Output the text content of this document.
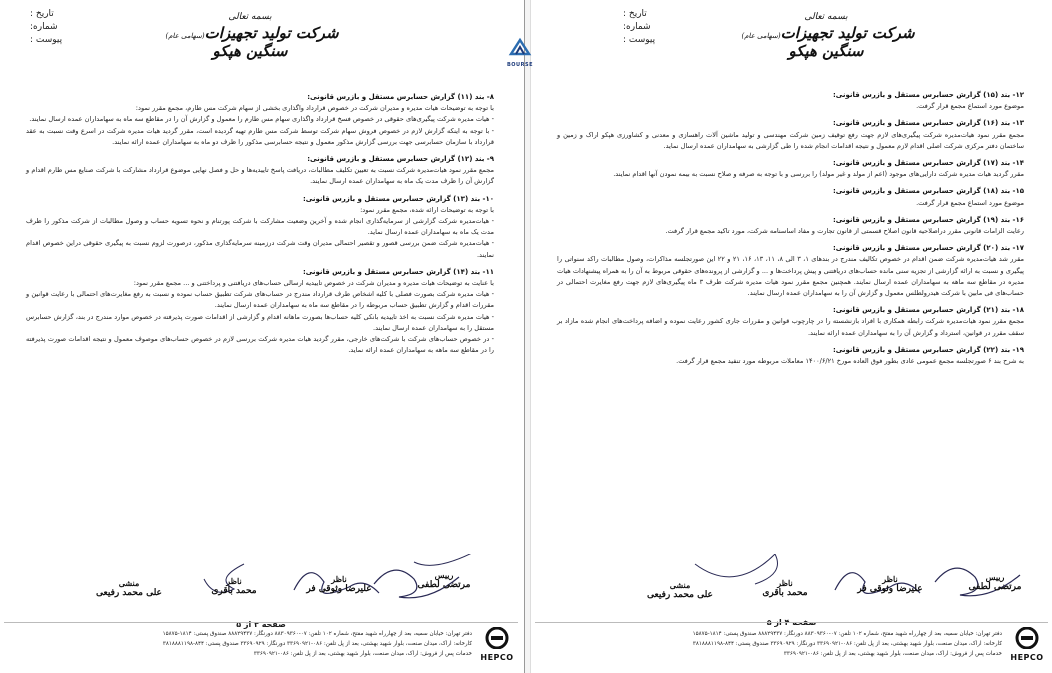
تاریخ :
شماره:
پیوست :
بسمه تعالی
(سهامی عام)شرکت تولید تجهیزات سنگین هپکو
۸- بند (۱۱) گزارش حسابرس مستقل و بازرس قانونی:

با توجه به توضیحات هیات مدیره و مدیران شرکت در خصوص قرارداد واگذاری بخشی از سهام شرکت مس طارم، مجمع مقرر نمود:

- هیات مدیره شرکت پیگیری‌های حقوقی در خصوص فسخ قرارداد واگذاری سهام مس طارم را معمول و گزارش آن را در مقاطع سه ماه به سهامداران عمده ارسال نمایند.

- با توجه به اینکه گزارش لازم در خصوص فروش سهام شرکت توسط شرکت مس طارم تهیه گردیده است، مقرر گردید هیات مدیره شرکت در اسرع وقت نسبت به عقد قرارداد با سازمان حسابرسی جهت بررسی گزارش مذکور معمول و نتیجه حسابرسی مذکور را ظرف دو ماه به سهامداران عمده ارائه نمایند.

۹- بند (۱۲) گزارش حسابرس مستقل و بازرس قانونی:

مجمع مقرر نمود هیات‌مدیره شرکت نسبت به تعیین تکلیف مطالبات، دریافت پاسخ تاییدیه‌ها و حل و فصل نهایی موضوع قرارداد مشارکت با شرکت صنایع مس طارم اقدام و گزارش آن را ظرف مدت یک ماه به سهامداران عمده ارسال نمایند.

۱۰- بند (۱۳) گزارش حسابرس مستقل و بازرس قانونی:

با توجه به توضیحات ارائه شده، مجمع مقرر نمود:

- هیات‌مدیره شرکت گزارشی از سرمایه‌گذاری انجام شده و آخرین وضعیت مشارکت با شرکت پورتنام و نحوه تسویه حساب و وصول مطالبات از شرکت مذکور را ظرف مدت یک ماه به سهامداران عمده ارسال نماید.

- هیات‌مدیره شرکت ضمن بررسی قصور و تقصیر احتمالی مدیران وقت شرکت درزمینه سرمایه‌گذاری مذکور، درصورت لزوم نسبت به پیگیری حقوقی دراین خصوص اقدام نمایند.

۱۱- بند (۱۴) گزارش حسابرس مستقل و بازرس قانونی:

با عنایت به توضیحات هیات مدیره و مدیران شرکت در خصوص تاییدیه ارسالی حساب‌های دریافتنی و پرداختنی و ... مجمع مقرر نمود:

- هیات مدیره شرکت بصورت فصلی با کلیه اشخاص طرف قرارداد مندرج در حساب‌های شرکت تطبیق حساب نموده و نسبت به رفع مغایرت‌های احتمالی با رعایت قوانین و مقررات اقدام و گزارش تطبیق حساب مربوطه را در مقاطع سه ماه به سهامداران عمده ارسال نمایند.

- هیات مدیره شرکت نسبت به اخذ تاییدیه بانکی کلیه حساب‌ها بصورت ماهانه اقدام و گزارشی از اقدامات صورت پذیرفته در خصوص موارد مندرج در بند، گزارش حسابرس مستقل را به سهامداران عمده ارسال نمایند.

- در خصوص حساب‌های شرکت با شرکت‌های خارجی، مقرر گردید هیات مدیره شرکت بررسی لازم در خصوص حساب‌های موصوف معمول و نتیجه اقدامات صورت پذیرفته را در مقاطع سه ماهه به سهامداران عمده ارائه نماید.

رییس
مرتضی لطفی
ناظر
علیرضا وثوقی فر
ناظر
محمد باقری
منشی
علی محمد رفیعی
صفحه ۳ از ۵
دفتر تهران: خیابان سمیه، بعد از چهارراه شهید مفتح، شماره ۱۰۲ تلفن: ۰۷-۸۸۳۰۹۳۶۰ دورنگار: ۸۸۸۲۹۴۳۷ صندوق پستی: ۱۸۱۴-۱۵۸۷۵
کارخانه: اراک، میدان صنعت، بلوار شهید بهشتی، بعد از پل تلفن: ۰۸۶-۳۳۶۹۰۹۲۱ دورنگار: ۳۳۶۹۰۹۲۹ صندوق پستی: ۸۴۴-۳۸۱۸۸۸۱۱۹۸
خدمات پس از فروش: اراک، میدان صنعت، بلوار شهید بهشتی، بعد از پل تلفن: ۰۸۶-۳۳۶۹۰۹۲۱ HEPCO
BOURSE
تاریخ :
شماره:
پیوست :
بسمه تعالی
(سهامی عام)شرکت تولید تجهیزات سنگین هپکو
۱۲- بند (۱۵) گزارش حسابرس مستقل و بازرس قانونی:

موضوع مورد استماع مجمع قرار گرفت.

۱۳- بند (۱۶) گزارش حسابرس مستقل و بازرس قانونی:

مجمع مقرر نمود هیات‌مدیره شرکت پیگیری‌های لازم جهت رفع توقیف زمین شرکت مهندسی و تولید ماشین آلات راهسازی و معدنی و کشاورزی هپکو اراک و زمین و ساختمان دفتر مرکزی شرکت اصلی اقدام لازم معمول و نتیجه اقدامات انجام شده را طی گزارشی به سهامداران عمده ارسال نماید.

۱۴- بند (۱۷) گزارش حسابرس مستقل و بازرس قانونی:

مقرر گردید هیات مدیره شرکت دارایی‌های موجود (اعم از مولد و غیر مولد) را بررسی و با توجه به صرفه و صلاح نسبت به بیمه نمودن آنها اقدام نمایند.

۱۵- بند (۱۸) گزارش حسابرس مستقل و بازرس قانونی:

موضوع مورد استماع مجمع قرار گرفت.

۱۶- بند (۱۹) گزارش حسابرس مستقل و بازرس قانونی:

رعایت الزامات قانونی مقرر دراصلاحیه قانون اصلاح قسمتی از قانون تجارت و مفاد اساسنامه شرکت، مورد تاکید مجمع قرار گرفت.

۱۷- بند (۲۰) گزارش حسابرس مستقل و بازرس قانونی:

مقرر شد هیات‌مدیره شرکت ضمن اقدام در خصوص تکالیف مندرج در بندهای ۱، ۳ الی ۸، ۱۱، ۱۳، ۱۶، ۲۱ و ۲۲ این صورتجلسه مذاکرات، وصول مطالبات راکد سنواتی را پیگیری و نسبت به ارائه گزارشی از تجزیه سنی مانده حساب‌های دریافتنی و پیش پرداخت‌ها و ... و گزارشی از پرونده‌های حقوقی مربوط به آن را به همراه پیشنهادات هیات مدیره در مقاطع سه ماهه به سهامداران عمده ارسال نمایند. همچنین مجمع مقرر نمود هیات مدیره شرکت ظرف ۳ ماه پیگیری‌های لازم جهت رفع مغایرت احتمالی در حساب‌های فی مابین با شرکت هیدرولطلس معمول و گزارش آن را به سهامداران عمده ارسال نمایند.

۱۸- بند (۲۱) گزارش حسابرس مستقل و بازرس قانونی:

مجمع مقرر نمود هیات‌مدیره شرکت رابطه همکاری با افراد بازنشسته را در چارچوب قوانین و مقررات جاری کشور رعایت نموده و اضافه پرداخت‌های انجام شده مازاد بر سقف مقرر در قوانین، استرداد و گزارش آن را به سهامداران عمده ارائه نمایند.

۱۹- بند (۲۲) گزارش حسابرس مستقل و بازرس قانونی:

به شرح بند ۶ صورتجلسه مجمع عمومی عادی بطور فوق العاده مورخ ۱۴۰۰/۶/۲۱ معاملات مربوطه مورد تنفید مجمع قرار گرفت.

رییس
مرتضی لطفی
ناظر
علیرضا وثوقی فر
ناظر
محمد باقری
منشی
علی محمد رفیعی
صفحه ۴ از ۵
دفتر تهران: خیابان سمیه، بعد از چهارراه شهید مفتح، شماره ۱۰۲ تلفن: ۰۷-۸۸۳۰۹۳۶۰ دورنگار: ۸۸۸۲۹۴۳۷ صندوق پستی: ۱۸۱۴-۱۵۸۷۵
کارخانه: اراک، میدان صنعت، بلوار شهید بهشتی، بعد از پل تلفن: ۰۸۶-۳۳۶۹۰۹۲۱ دورنگار: ۳۳۶۹۰۹۲۹ صندوق پستی: ۸۴۴-۳۸۱۸۸۸۱۱۹۸
خدمات پس از فروش: اراک، میدان صنعت، بلوار شهید بهشتی، بعد از پل تلفن: ۰۸۶-۳۳۶۹۰۹۲۱ HEPCO
